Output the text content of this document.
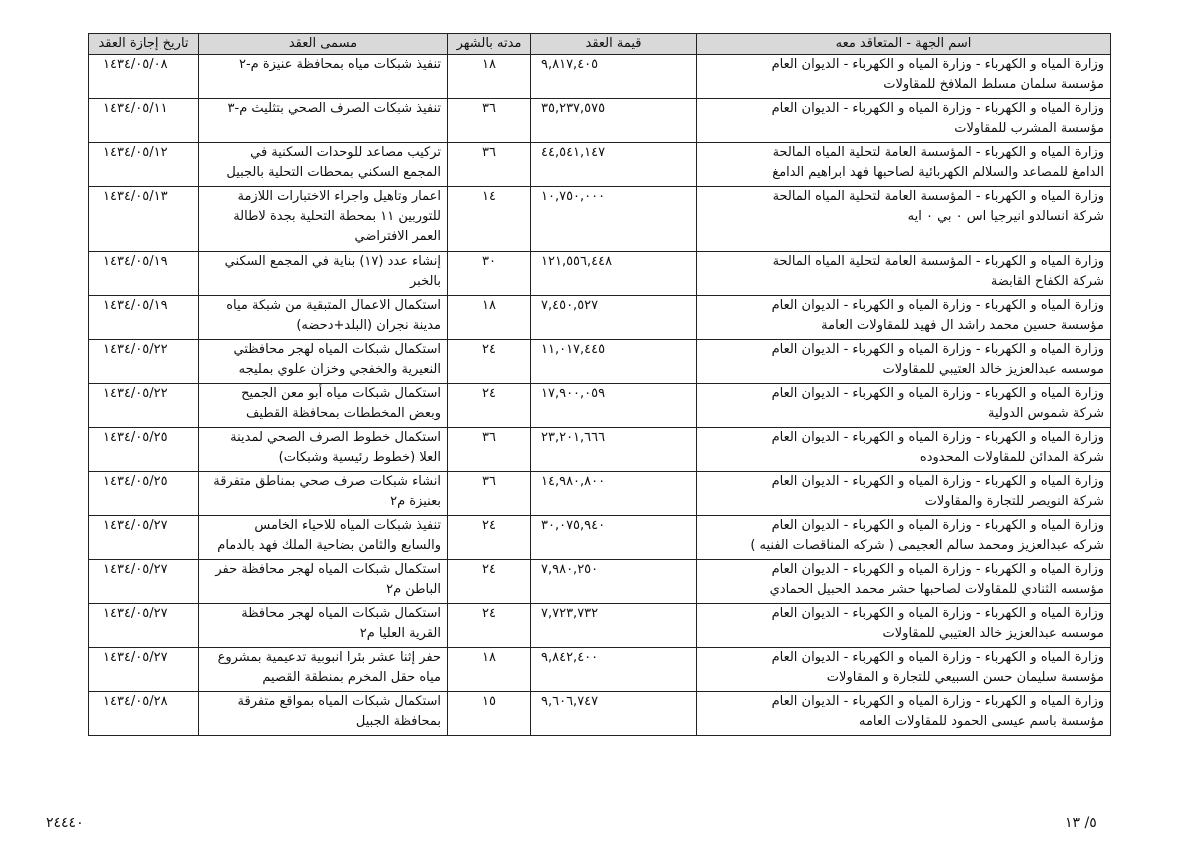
اسم الجهة - المتعاقد معه	قيمة العقد	مدته بالشهر	مسمى العقد	تاريخ إجازة العقد

وزارة المياه و الكهرباء - وزارة المياه و الكهرباء - الديوان العام
مؤسسة سلمان مسلط الملافخ للمقاولات	٩,٨١٧,٤٠٥	١٨	تنفيذ شبكات مياه بمحافظة عنيزة م-٢	١٤٣٤/٠٥/٠٨

وزارة المياه و الكهرباء - وزارة المياه و الكهرباء - الديوان العام
مؤسسة المشرب للمقاولات	٣٥,٢٣٧,٥٧٥	٣٦	تنفيذ شبكات الصرف الصحي بتثليث م-٣	١٤٣٤/٠٥/١١

وزارة المياه و الكهرباء - المؤسسة العامة لتحلية المياه المالحة
الدامغ للمصاعد والسلالم الكهربائية لصاحبها فهد ابراهيم الدامغ	٤٤,٥٤١,١٤٧	٣٦	تركيب مصاعد للوحدات السكنية في
المجمع السكني بمحطات التحلية بالجبيل	١٤٣٤/٠٥/١٢

وزارة المياه و الكهرباء - المؤسسة العامة لتحلية المياه المالحة
شركة انسالدو انيرجيا اس ٠ بي ٠ ايه	١٠,٧٥٠,٠٠٠	١٤	اعمار وتاهيل واجراء الاختبارات اللازمة
للتوربين ١١ بمحطة التحلية بجدة لاطالة
العمر الافتراضي	١٤٣٤/٠٥/١٣

وزارة المياه و الكهرباء - المؤسسة العامة لتحلية المياه المالحة
شركة الكفاح القابضة	١٢١,٥٥٦,٤٤٨	٣٠	إنشاء عدد (١٧) بناية في المجمع السكني
بالخبر	١٤٣٤/٠٥/١٩

وزارة المياه و الكهرباء - وزارة المياه و الكهرباء - الديوان العام
مؤسسة حسين محمد راشد ال فهيد للمقاولات العامة	٧,٤٥٠,٥٢٧	١٨	استكمال الاعمال المتبقية من شبكة مياه
مدينة نجران (البلد+دحضه)	١٤٣٤/٠٥/١٩

وزارة المياه و الكهرباء - وزارة المياه و الكهرباء - الديوان العام
موسسه عبدالعزيز خالد العتيبي للمقاولات	١١,٠١٧,٤٤٥	٢٤	استكمال شبكات المياه لهجر محافظتي
النعيرية والخفجي وخزان علوي بمليجه	١٤٣٤/٠٥/٢٢

وزارة المياه و الكهرباء - وزارة المياه و الكهرباء - الديوان العام
شركة شموس الدولية	١٧,٩٠٠,٠٥٩	٢٤	استكمال شبكات مياه أبو معن الجميح
وبعض المخططات بمحافظة القطيف	١٤٣٤/٠٥/٢٢

وزارة المياه و الكهرباء - وزارة المياه و الكهرباء - الديوان العام
شركة المدائن للمقاولات المحدوده	٢٣,٢٠١,٦٦٦	٣٦	استكمال خطوط الصرف الصحي لمدينة
العلا (خطوط رئيسية وشبكات)	١٤٣٤/٠٥/٢٥

وزارة المياه و الكهرباء - وزارة المياه و الكهرباء - الديوان العام
شركة النويصر للتجارة والمقاولات	١٤,٩٨٠,٨٠٠	٣٦	انشاء شبكات صرف صحي بمناطق متفرقة
بعنيزة م٢	١٤٣٤/٠٥/٢٥

وزارة المياه و الكهرباء - وزارة المياه و الكهرباء - الديوان العام
شركه عبدالعزيز ومحمد سالم العجيمى ( شركه المناقصات الفنيه )	٣٠,٠٧٥,٩٤٠	٢٤	تنفيذ شبكات المياه للاحياء الخامس
والسابع والثامن بضاحية الملك فهد بالدمام	١٤٣٤/٠٥/٢٧

وزارة المياه و الكهرباء - وزارة المياه و الكهرباء - الديوان العام
مؤسسه الثنادي للمقاولات لصاحبها حشر محمد الحبيل الحمادي	٧,٩٨٠,٢٥٠	٢٤	استكمال شبكات المياه لهجر محافظة حفر
الباطن م٢	١٤٣٤/٠٥/٢٧

وزارة المياه و الكهرباء - وزارة المياه و الكهرباء - الديوان العام
موسسه عبدالعزيز خالد العتيبي للمقاولات	٧,٧٢٣,٧٣٢	٢٤	استكمال شبكات المياه لهجر محافظة
القرية العليا م٢	١٤٣٤/٠٥/٢٧

وزارة المياه و الكهرباء - وزارة المياه و الكهرباء - الديوان العام
مؤسسة سليمان حسن السبيعي للتجارة و المقاولات	٩,٨٤٢,٤٠٠	١٨	حفر إثنا عشر بئرا انبوبية تدعيمية بمشروع
مياه حقل المخرم بمنطقة القصيم	١٤٣٤/٠٥/٢٧

وزارة المياه و الكهرباء - وزارة المياه و الكهرباء - الديوان العام
مؤسسة باسم عيسى الحمود للمقاولات العامه	٩,٦٠٦,٧٤٧	١٥	استكمال شبكات المياه بمواقع متفرقة
بمحافظة الجبيل	١٤٣٤/٠٥/٢٨
٢٤٤٤٠	٥/ ١٣
